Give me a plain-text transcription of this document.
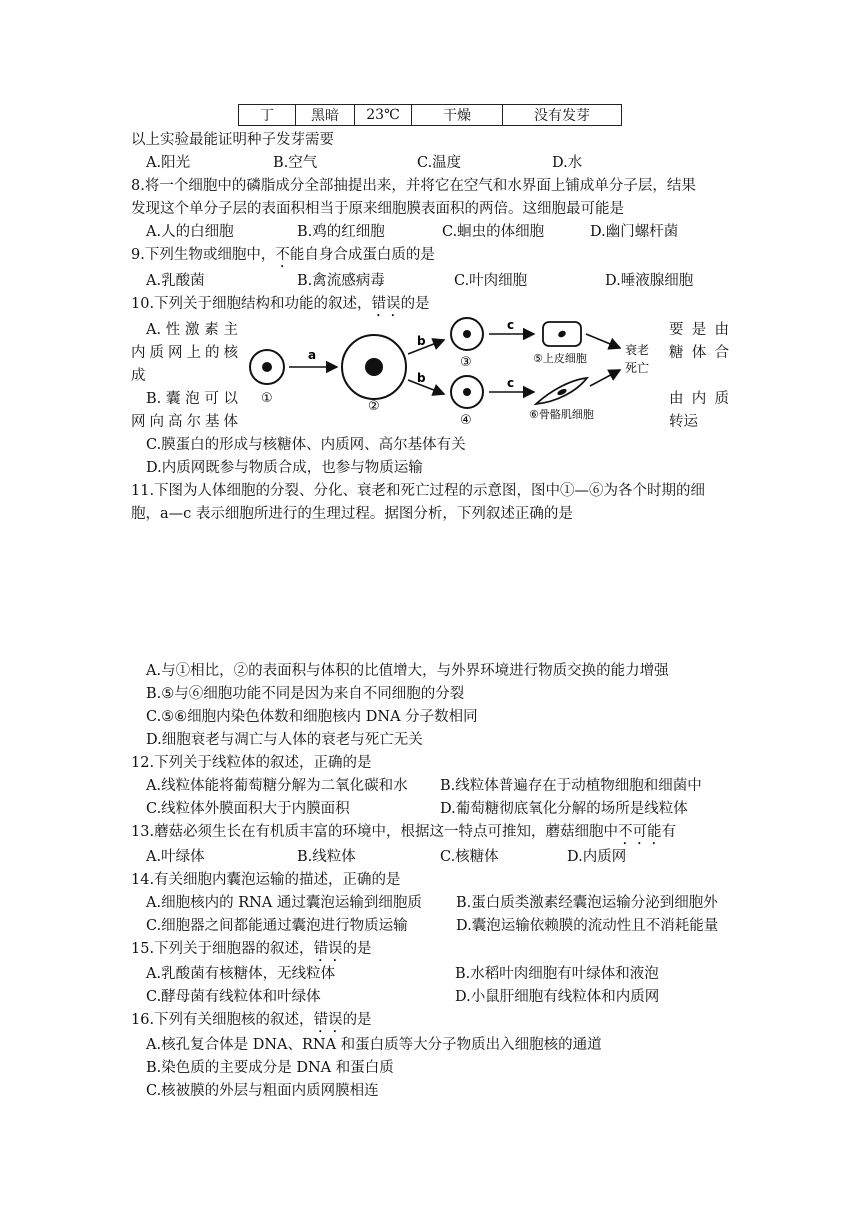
丁	黑暗	23℃	干燥	没有发芽
以上实验最能证明种子发芽需要
A.阳光	B.空气	C.温度	D.水
8.将一个细胞中的磷脂成分全部抽提出来，并将它在空气和水界面上铺成单分子层，结果
发现这个单分子层的表面积相当于原来细胞膜表面积的两倍。这细胞最可能是
A.人的白细胞	B.鸡的红细胞	C.蛔虫的体细胞	D.幽门螺杆菌
9.下列生物或细胞中，不能自身合成蛋白质的是
A.乳酸菌	B.禽流感病毒	C.叶肉细胞	D.唾液腺细胞
10.下列关于细胞结构和功能的叙述，错误的是
A.性激素主
内质网上的核
成
要是由
糖体合
B.囊泡可以
网向高尔基体
由内质
转运
C.膜蛋白的形成与核糖体、内质网、高尔基体有关
D.内质网既参与物质合成，也参与物质运输
①
a
②
b
b
③
④
c
c
⑤上皮细胞
⑥骨骼肌细胞
衰老
死亡
11.下图为人体细胞的分裂、分化、衰老和死亡过程的示意图，图中①—⑥为各个时期的细
胞，a—c 表示细胞所进行的生理过程。据图分析，下列叙述正确的是
A.与①相比，②的表面积与体积的比值增大，与外界环境进行物质交换的能力增强
B.⑤与⑥细胞功能不同是因为来自不同细胞的分裂
C.⑤⑥细胞内染色体数和细胞核内 DNA 分子数相同
D.细胞衰老与凋亡与人体的衰老与死亡无关
12.下列关于线粒体的叙述，正确的是
A.线粒体能将葡萄糖分解为二氧化碳和水 B.线粒体普遍存在于动植物细胞和细菌中
C.线粒体外膜面积大于内膜面积	D.葡萄糖彻底氧化分解的场所是线粒体
13.蘑菇必须生长在有机质丰富的环境中，根据这一特点可推知，蘑菇细胞中不可能有
A.叶绿体	B.线粒体	C.核糖体	D.内质网
14.有关细胞内囊泡运输的描述，正确的是
A.细胞核内的 RNA 通过囊泡运输到细胞质 B.蛋白质类激素经囊泡运输分泌到细胞外
C.细胞器之间都能通过囊泡进行物质运输	D.囊泡运输依赖膜的流动性且不消耗能量
15.下列关于细胞器的叙述，错误的是
A.乳酸菌有核糖体，无线粒体	B.水稻叶肉细胞有叶绿体和液泡
C.酵母菌有线粒体和叶绿体	D.小鼠肝细胞有线粒体和内质网
16.下列有关细胞核的叙述，错误的是
A.核孔复合体是 DNA、RNA 和蛋白质等大分子物质出入细胞核的通道
B.染色质的主要成分是 DNA 和蛋白质
C.核被膜的外层与粗面内质网膜相连
